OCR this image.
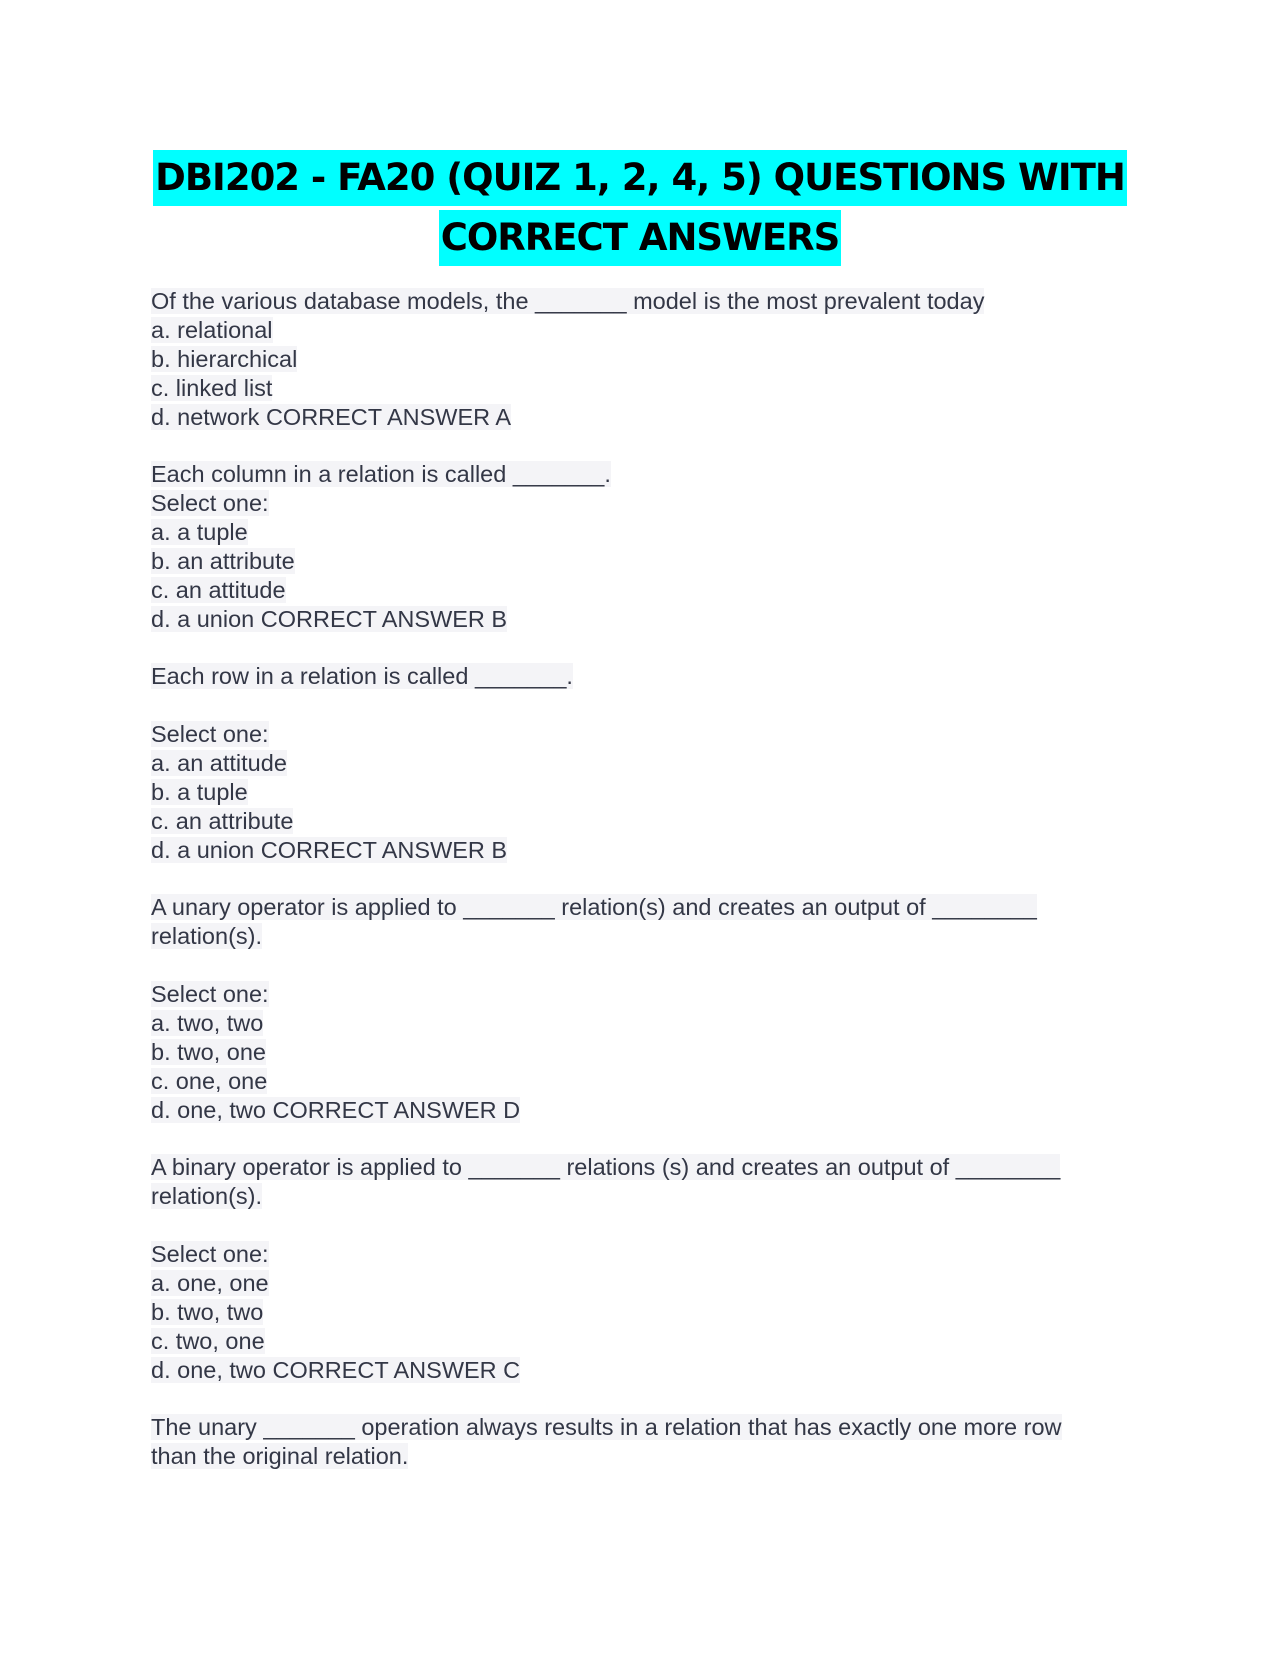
DBI202 - FA20 (QUIZ 1, 2, 4, 5) QUESTIONS WITH
CORRECT ANSWERS
Of the various database models, the _______ model is the most prevalent today
a. relational
b. hierarchical
c. linked list
d. network CORRECT ANSWER A
Each column in a relation is called _______.
Select one:
a. a tuple
b. an attribute
c. an attitude
d. a union CORRECT ANSWER B
Each row in a relation is called _______.
Select one:
a. an attitude
b. a tuple
c. an attribute
d. a union CORRECT ANSWER B
A unary operator is applied to _______ relation(s) and creates an output of ________
relation(s).
Select one:
a. two, two
b. two, one
c. one, one
d. one, two CORRECT ANSWER D
A binary operator is applied to _______ relations (s) and creates an output of ________
relation(s).
Select one:
a. one, one
b. two, two
c. two, one
d. one, two CORRECT ANSWER C
The unary _______ operation always results in a relation that has exactly one more row
than the original relation.
